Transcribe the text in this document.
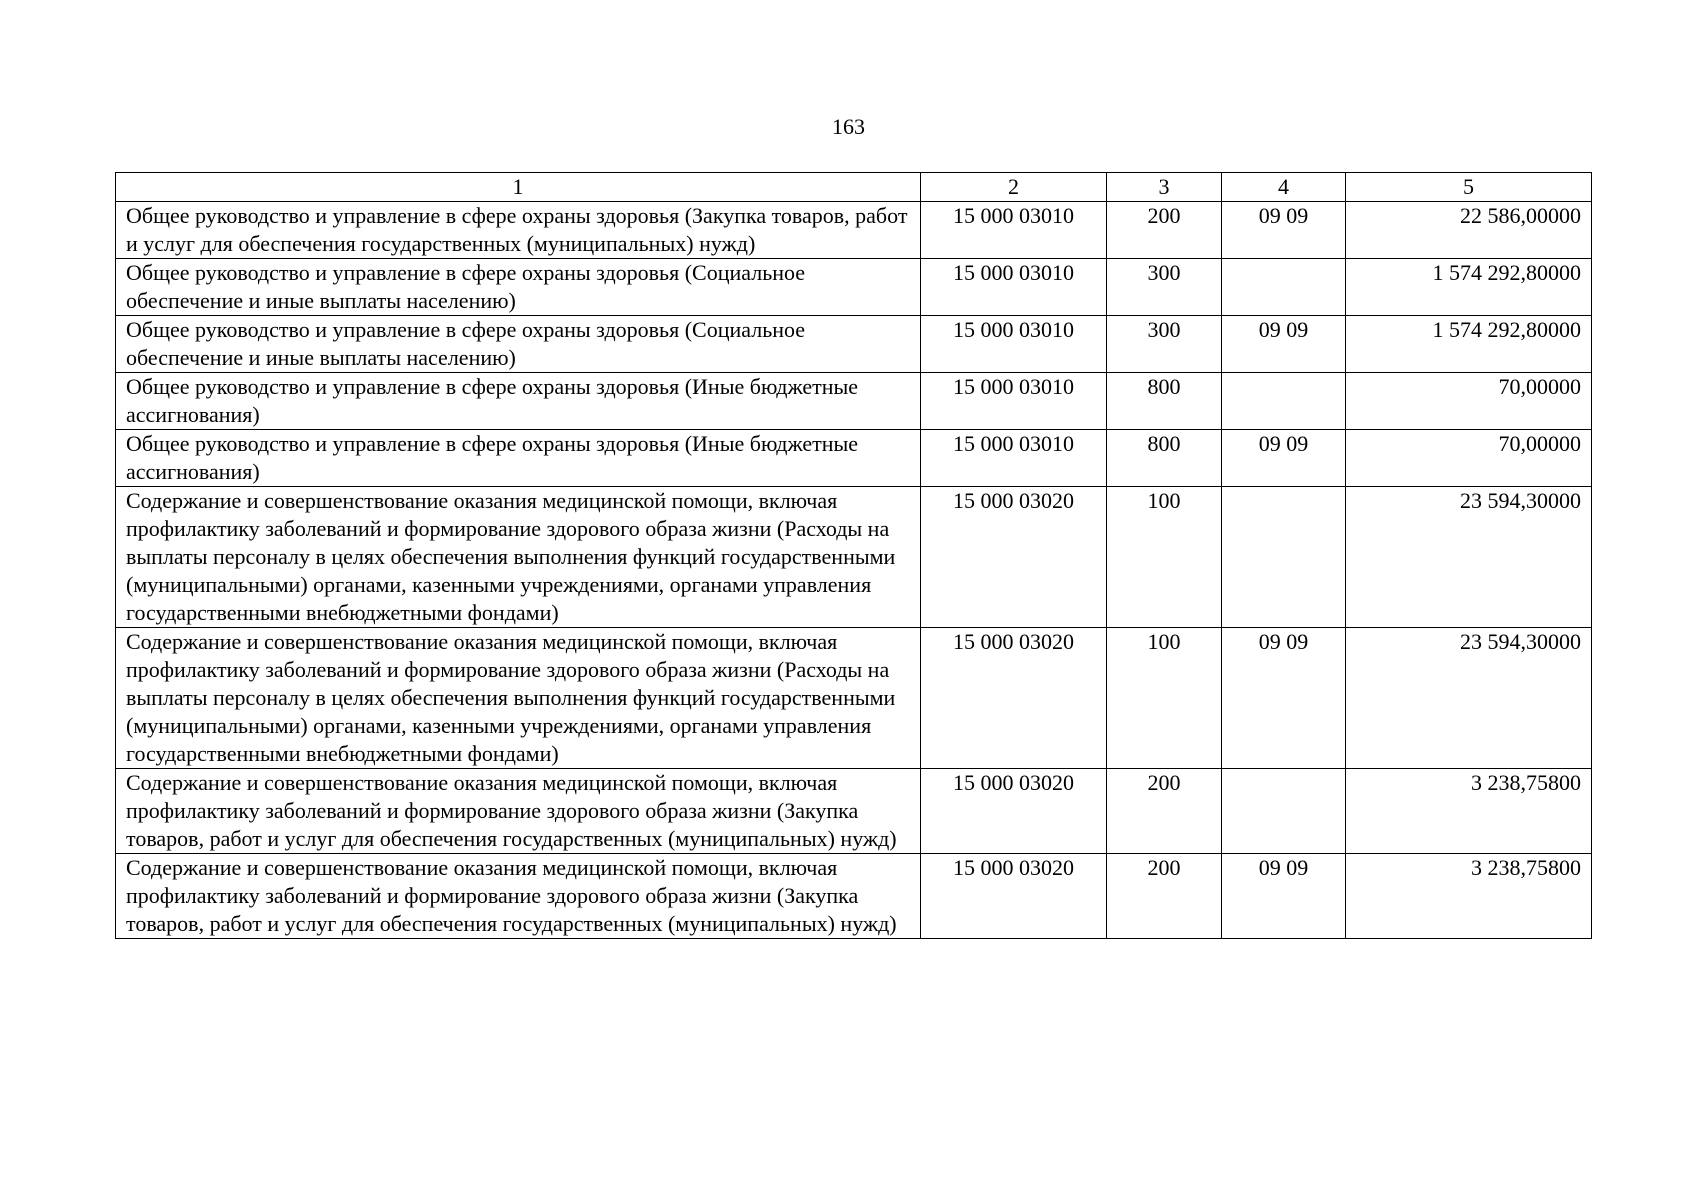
163
1	2	3	4	5
Общее руководство и управление в сфере охраны здоровья (Закупка товаров, работ и услуг для обеспечения государственных (муниципальных) нужд)	15 000 03010	200	09 09	22 586,00000
Общее руководство и управление в сфере охраны здоровья (Социальное обеспечение и иные выплаты населению)	15 000 03010	300		1 574 292,80000
Общее руководство и управление в сфере охраны здоровья (Социальное обеспечение и иные выплаты населению)	15 000 03010	300	09 09	1 574 292,80000
Общее руководство и управление в сфере охраны здоровья (Иные бюджетные ассигнования)	15 000 03010	800		70,00000
Общее руководство и управление в сфере охраны здоровья (Иные бюджетные ассигнования)	15 000 03010	800	09 09	70,00000
Содержание и совершенствование оказания медицинской помощи, включая профилактику заболеваний и формирование здорового образа жизни (Расходы на выплаты персоналу в целях обеспечения выполнения функций государственными (муниципальными) органами, казенными учреждениями, органами управления государственными внебюджетными фондами)	15 000 03020	100		23 594,30000
Содержание и совершенствование оказания медицинской помощи, включая профилактику заболеваний и формирование здорового образа жизни (Расходы на выплаты персоналу в целях обеспечения выполнения функций государственными (муниципальными) органами, казенными учреждениями, органами управления государственными внебюджетными фондами)	15 000 03020	100	09 09	23 594,30000
Содержание и совершенствование оказания медицинской помощи, включая профилактику заболеваний и формирование здорового образа жизни (Закупка товаров, работ и услуг для обеспечения государственных (муниципальных) нужд)	15 000 03020	200		3 238,75800
Содержание и совершенствование оказания медицинской помощи, включая профилактику заболеваний и формирование здорового образа жизни (Закупка товаров, работ и услуг для обеспечения государственных (муниципальных) нужд)	15 000 03020	200	09 09	3 238,75800
